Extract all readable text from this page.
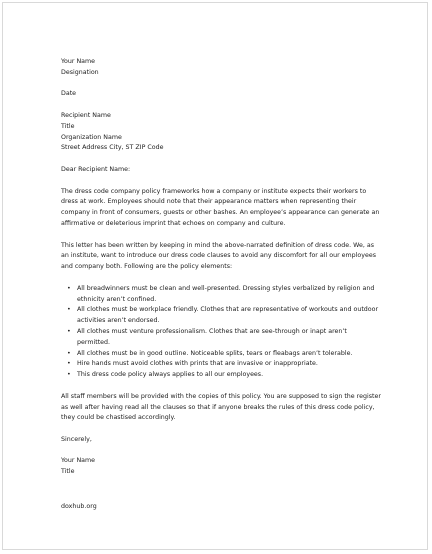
Your Name
Designation
Date
Recipient Name
Title
Organization Name
Street Address City, ST ZIP Code
Dear Recipient Name:

The dress code company policy frameworks how a company or institute expects their workers to dress at work. Employees should note that their appearance matters when representing their company in front of consumers, guests or other bashes. An employee’s appearance can generate an affirmative or deleterious imprint that echoes on company and culture.

This letter has been written by keeping in mind the above-narrated definition of dress code. We, as an institute, want to introduce our dress code clauses to avoid any discomfort for all our employees and company both. Following are the policy elements:

• All breadwinners must be clean and well-presented. Dressing styles verbalized by religion and ethnicity aren’t confined.
• All clothes must be workplace friendly. Clothes that are representative of workouts and outdoor activities aren’t endorsed.
• All clothes must venture professionalism. Clothes that are see-through or inapt aren’t permitted.
• All clothes must be in good outline. Noticeable splits, tears or fleabags aren’t tolerable.
• Hire hands must avoid clothes with prints that are invasive or inappropriate.
• This dress code policy always applies to all our employees.

All staff members will be provided with the copies of this policy. You are supposed to sign the register as well after having read all the clauses so that if anyone breaks the rules of this dress code policy, they could be chastised accordingly.

Sincerely,
Your Name
Title
doxhub.org
